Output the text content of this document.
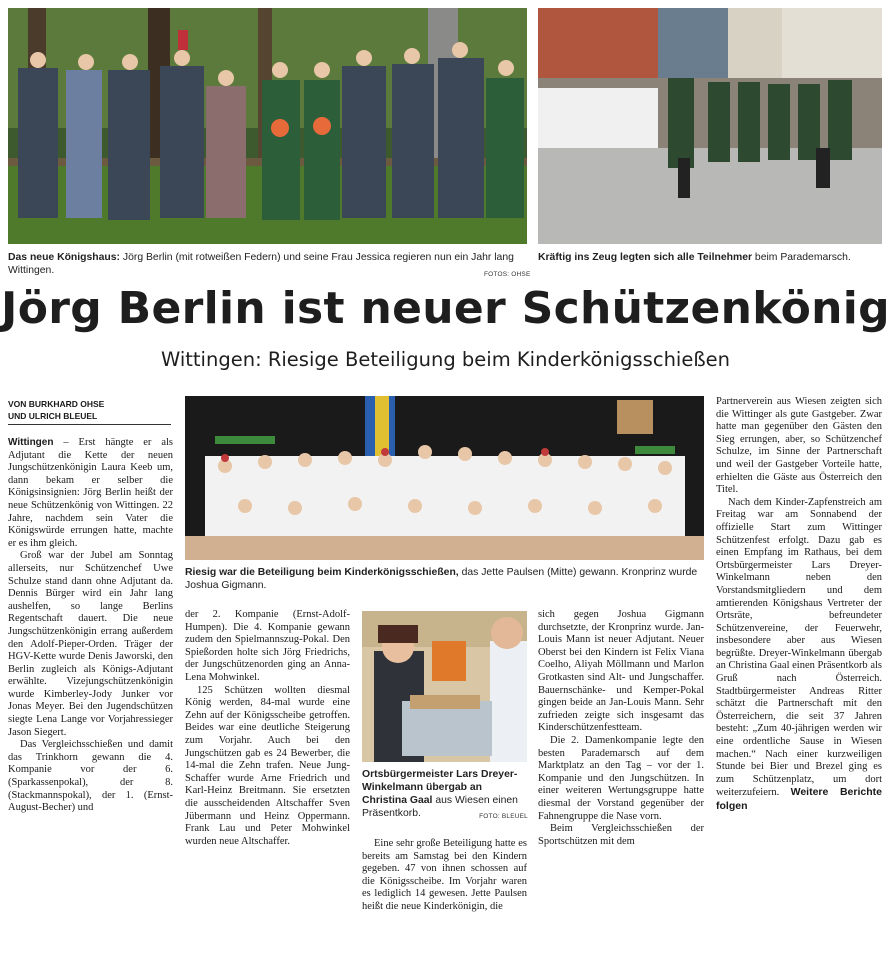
Das neue Königshaus: Jörg Berlin (mit rotweißen Federn) und seine Frau Jessica regieren nun ein Jahr lang Wittingen.	FOTOS: OHSE
Kräftig ins Zeug legten sich alle Teilnehmer beim Parademarsch.
Jörg Berlin ist neuer Schützenkönig
Wittingen: Riesige Beteiligung beim Kinderkönigsschießen
VON BURKHARD OHSE
UND ULRICH BLEUEL

Wittingen – Erst hängte er als Adjutant die Kette der neuen Jungschützenkönigin Laura Keeb um, dann bekam er selber die Königsinsignien: Jörg Berlin heißt der neue Schützenkönig von Wittingen. 22 Jahre, nachdem sein Vater die Königswürde errungen hatte, machte er es ihm gleich.

Groß war der Jubel am Sonntag allerseits, nur Schützenchef Uwe Schulze stand dann ohne Adjutant da. Dennis Bürger wird ein Jahr lang aushelfen, so lange Berlins Regentschaft dauert. Die neue Jungschützenkönigin errang außerdem den Adolf-Pieper-Orden. Träger der HGV-Kette wurde Denis Jaworski, den Berlin zugleich als Königs-Adjutant erwählte. Vizejungschützenkönigin wurde Kimberley-Jody Junker vor Jonas Meyer. Bei den Jugendschützen siegte Lena Lange vor Vorjahressieger Jason Siegert.

Das Vergleichsschießen und damit das Trinkhorn gewann die 4. Kompanie vor der 6. (Sparkassenpokal), der 8. (Stackmannspokal), der 1. (Ernst-August-Becher) und

Riesig war die Beteiligung beim Kinderkönigsschießen, das Jette Paulsen (Mitte) gewann. Kronprinz wurde Joshua Gigmann.

der 2. Kompanie (Ernst-Adolf-Humpen). Die 4. Kompanie gewann zudem den Spielmannszug-Pokal. Den Spießorden holte sich Jörg Friedrichs, der Jungschützenorden ging an Anna-Lena Mohwinkel.

125 Schützen wollten diesmal König werden, 84-mal wurde eine Zehn auf der Königsscheibe getroffen. Beides war eine deutliche Steigerung zum Vorjahr. Auch bei den Jungschützen gab es 24 Bewerber, die 14-mal die Zehn trafen. Neue Jung-Schaffer wurde Arne Friedrich und Karl-Heinz Breitmann. Sie ersetzten die ausscheidenden Altschaffer Sven Jübermann und Heinz Oppermann. Frank Lau und Peter Mohwinkel wurden neue Altschaffer.

Ortsbürgermeister Lars Dreyer-Winkelmann übergab an Christina Gaal aus Wiesen einen Präsentkorb.	FOTO: BLEUEL

Eine sehr große Beteiligung hatte es bereits am Samstag bei den Kindern gegeben. 47 von ihnen schossen auf die Königsscheibe. Im Vorjahr waren es lediglich 14 gewesen. Jette Paulsen heißt die neue Kinderkönigin, die

sich gegen Joshua Gigmann durchsetzte, der Kronprinz wurde. Jan-Louis Mann ist neuer Adjutant. Neuer Oberst bei den Kindern ist Felix Viana Coelho, Aliyah Möllmann und Marlon Grotkasten sind Alt- und Jungschaffer. Bauernschänke- und Kemper-Pokal gingen beide an Jan-Louis Mann. Sehr zufrieden zeigte sich insgesamt das Kinderschützenfestteam.

Die 2. Damenkompanie legte den besten Parademarsch auf dem Marktplatz an den Tag – vor der 1. Kompanie und den Jungschützen. In einer weiteren Wertungsgruppe hatte diesmal der Vorstand gegenüber der Fahnengruppe die Nase vorn.

Beim Vergleichsschießen der Sportschützen mit dem

Partnerverein aus Wiesen zeigten sich die Wittinger als gute Gastgeber. Zwar hatte man gegenüber den Gästen den Sieg errungen, aber, so Schützenchef Schulze, im Sinne der Partnerschaft und weil der Gastgeber Vorteile hatte, erhielten die Gäste aus Österreich den Titel.

Nach dem Kinder-Zapfenstreich am Freitag war am Sonnabend der offizielle Start zum Wittinger Schützenfest erfolgt. Dazu gab es einen Empfang im Rathaus, bei dem Ortsbürgermeister Lars Dreyer-Winkelmann neben den Vorstandsmitgliedern und dem amtierenden Königshaus Vertreter der Ortsräte, befreundeter Schützenvereine, der Feuerwehr, insbesondere aber aus Wiesen begrüßte. Dreyer-Winkelmann übergab an Christina Gaal einen Präsentkorb als Gruß nach Österreich. Stadtbürgermeister Andreas Ritter schätzt die Partnerschaft mit den Österreichern, die seit 37 Jahren besteht: „Zum 40-jährigen werden wir eine ordentliche Sause in Wiesen machen.“ Nach einer kurzweiligen Stunde bei Bier und Brezel ging es zum Schützenplatz, um dort weiterzufeiern. Weitere Berichte folgen
